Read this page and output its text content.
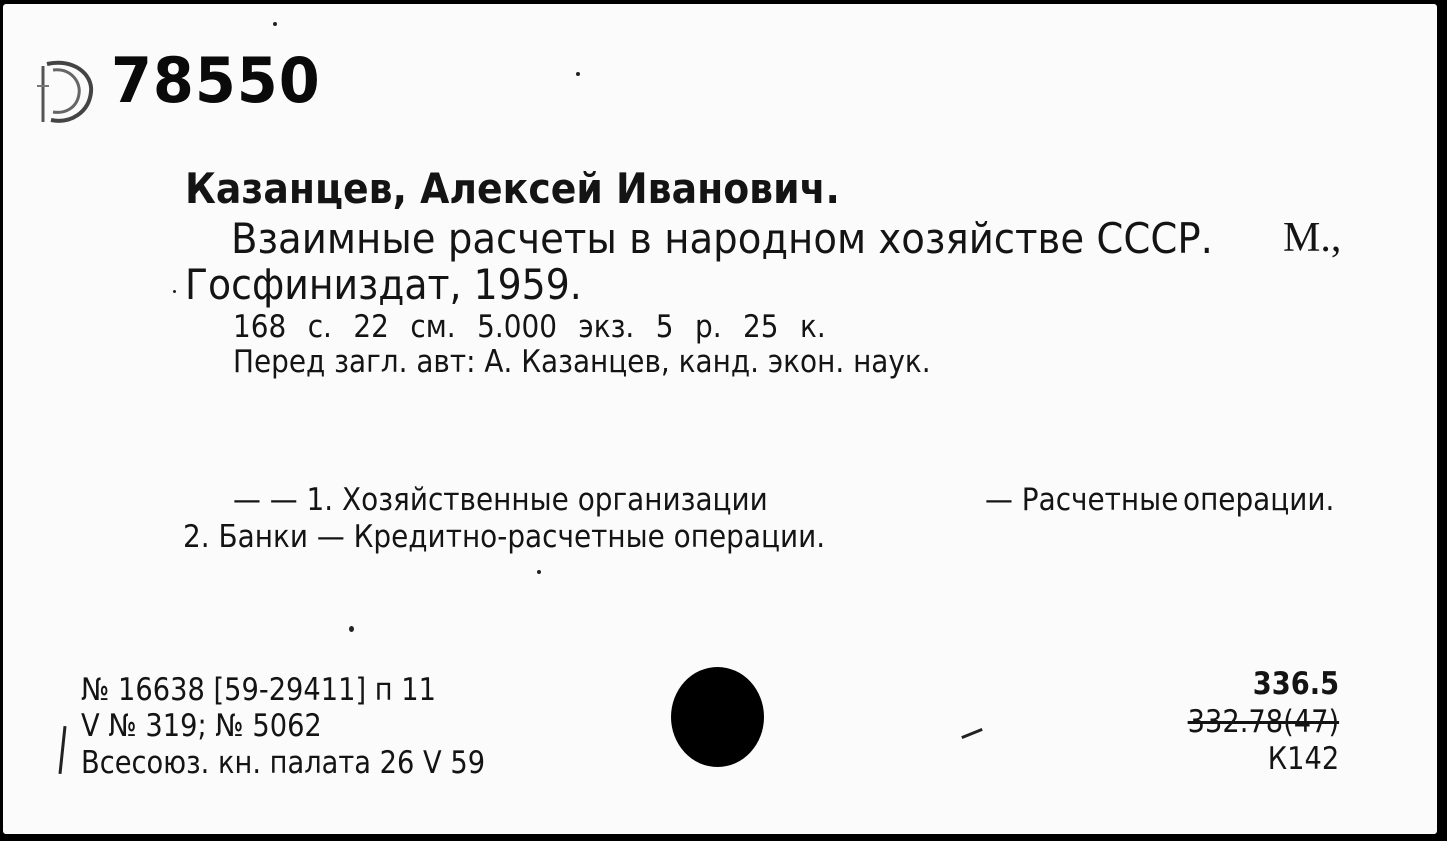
78550
Казанцев, Алексей Иванович.
Взаимные расчеты в народном хозяйстве СССР. М.,
Госфиниздат, 1959.
168 с. 22 см. 5.000 экз. 5 р. 25 к.
Перед загл. авт: А. Казанцев, канд. экон. наук.
— — 1. Хозяйственные организации	— Расчетные операции.
2. Банки — Кредитно-расчетные операции.
№ 16638 [59-29411] п 11
V № 319; № 5062
Всесоюз. кн. палата 26 V 59
336.5
332.78(47)
К142
